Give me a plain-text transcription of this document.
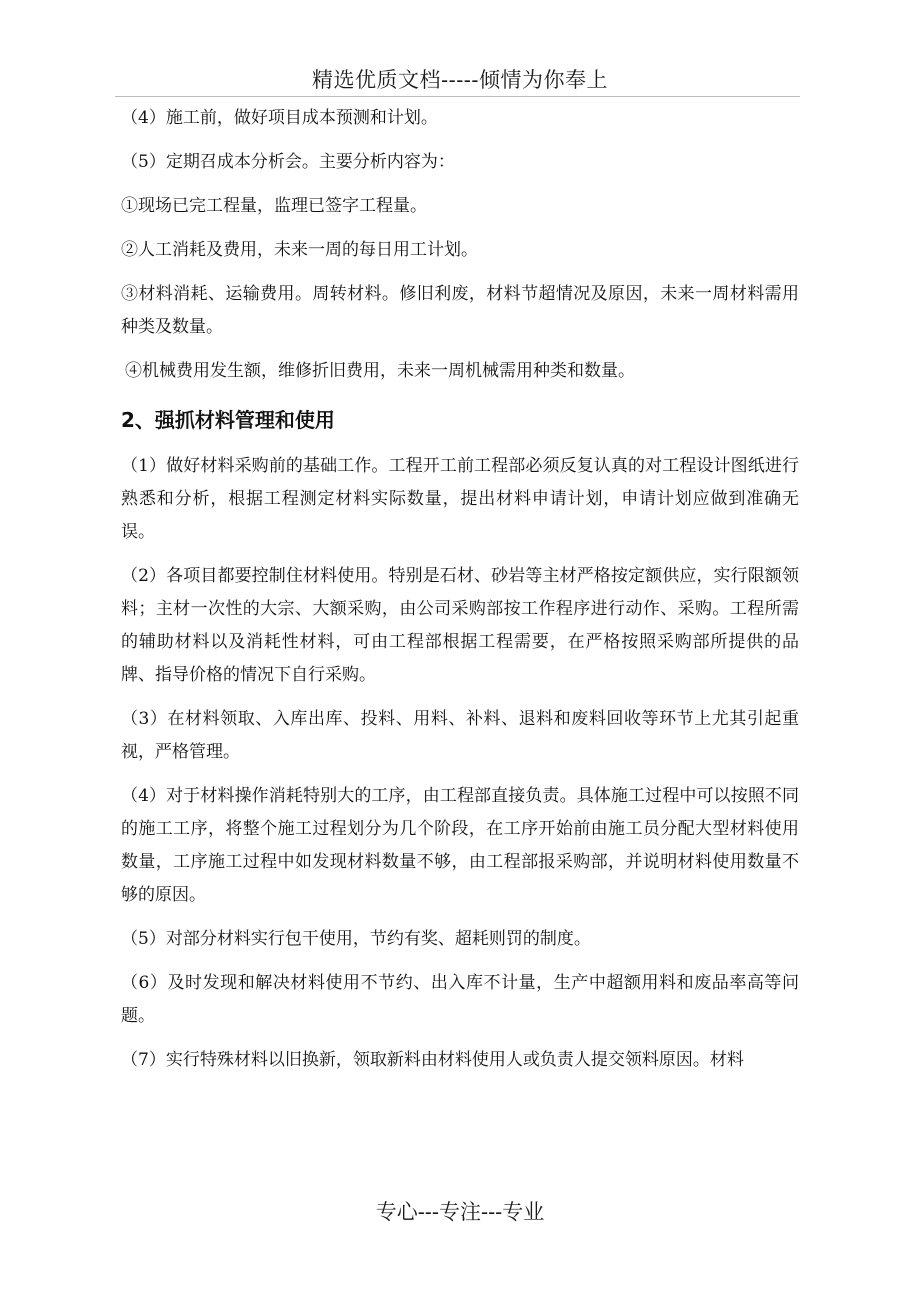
精选优质文档-----倾情为你奉上

（4）施工前，做好项目成本预测和计划。

（5）定期召成本分析会。主要分析内容为：

①现场已完工程量，监理已签字工程量。

②人工消耗及费用，未来一周的每日用工计划。

③材料消耗、运输费用。周转材料。修旧利废，材料节超情况及原因，未来一周材料需用种类及数量。

④机械费用发生额，维修折旧费用，未来一周机械需用种类和数量。

2、强抓材料管理和使用

（1）做好材料采购前的基础工作。工程开工前工程部必须反复认真的对工程设计图纸进行熟悉和分析，根据工程测定材料实际数量，提出材料申请计划，申请计划应做到准确无误。

（2）各项目都要控制住材料使用。特别是石材、砂岩等主材严格按定额供应，实行限额领料；主材一次性的大宗、大额采购，由公司采购部按工作程序进行动作、采购。工程所需的辅助材料以及消耗性材料，可由工程部根据工程需要，在严格按照采购部所提供的品牌、指导价格的情况下自行采购。

（3）在材料领取、入库出库、投料、用料、补料、退料和废料回收等环节上尤其引起重视，严格管理。

（4）对于材料操作消耗特别大的工序，由工程部直接负责。具体施工过程中可以按照不同的施工工序，将整个施工过程划分为几个阶段，在工序开始前由施工员分配大型材料使用数量，工序施工过程中如发现材料数量不够，由工程部报采购部，并说明材料使用数量不够的原因。

（5）对部分材料实行包干使用，节约有奖、超耗则罚的制度。

（6）及时发现和解决材料使用不节约、出入库不计量，生产中超额用料和废品率高等问题。

（7）实行特殊材料以旧换新，领取新料由材料使用人或负责人提交领料原因。材料

专心---专注---专业
